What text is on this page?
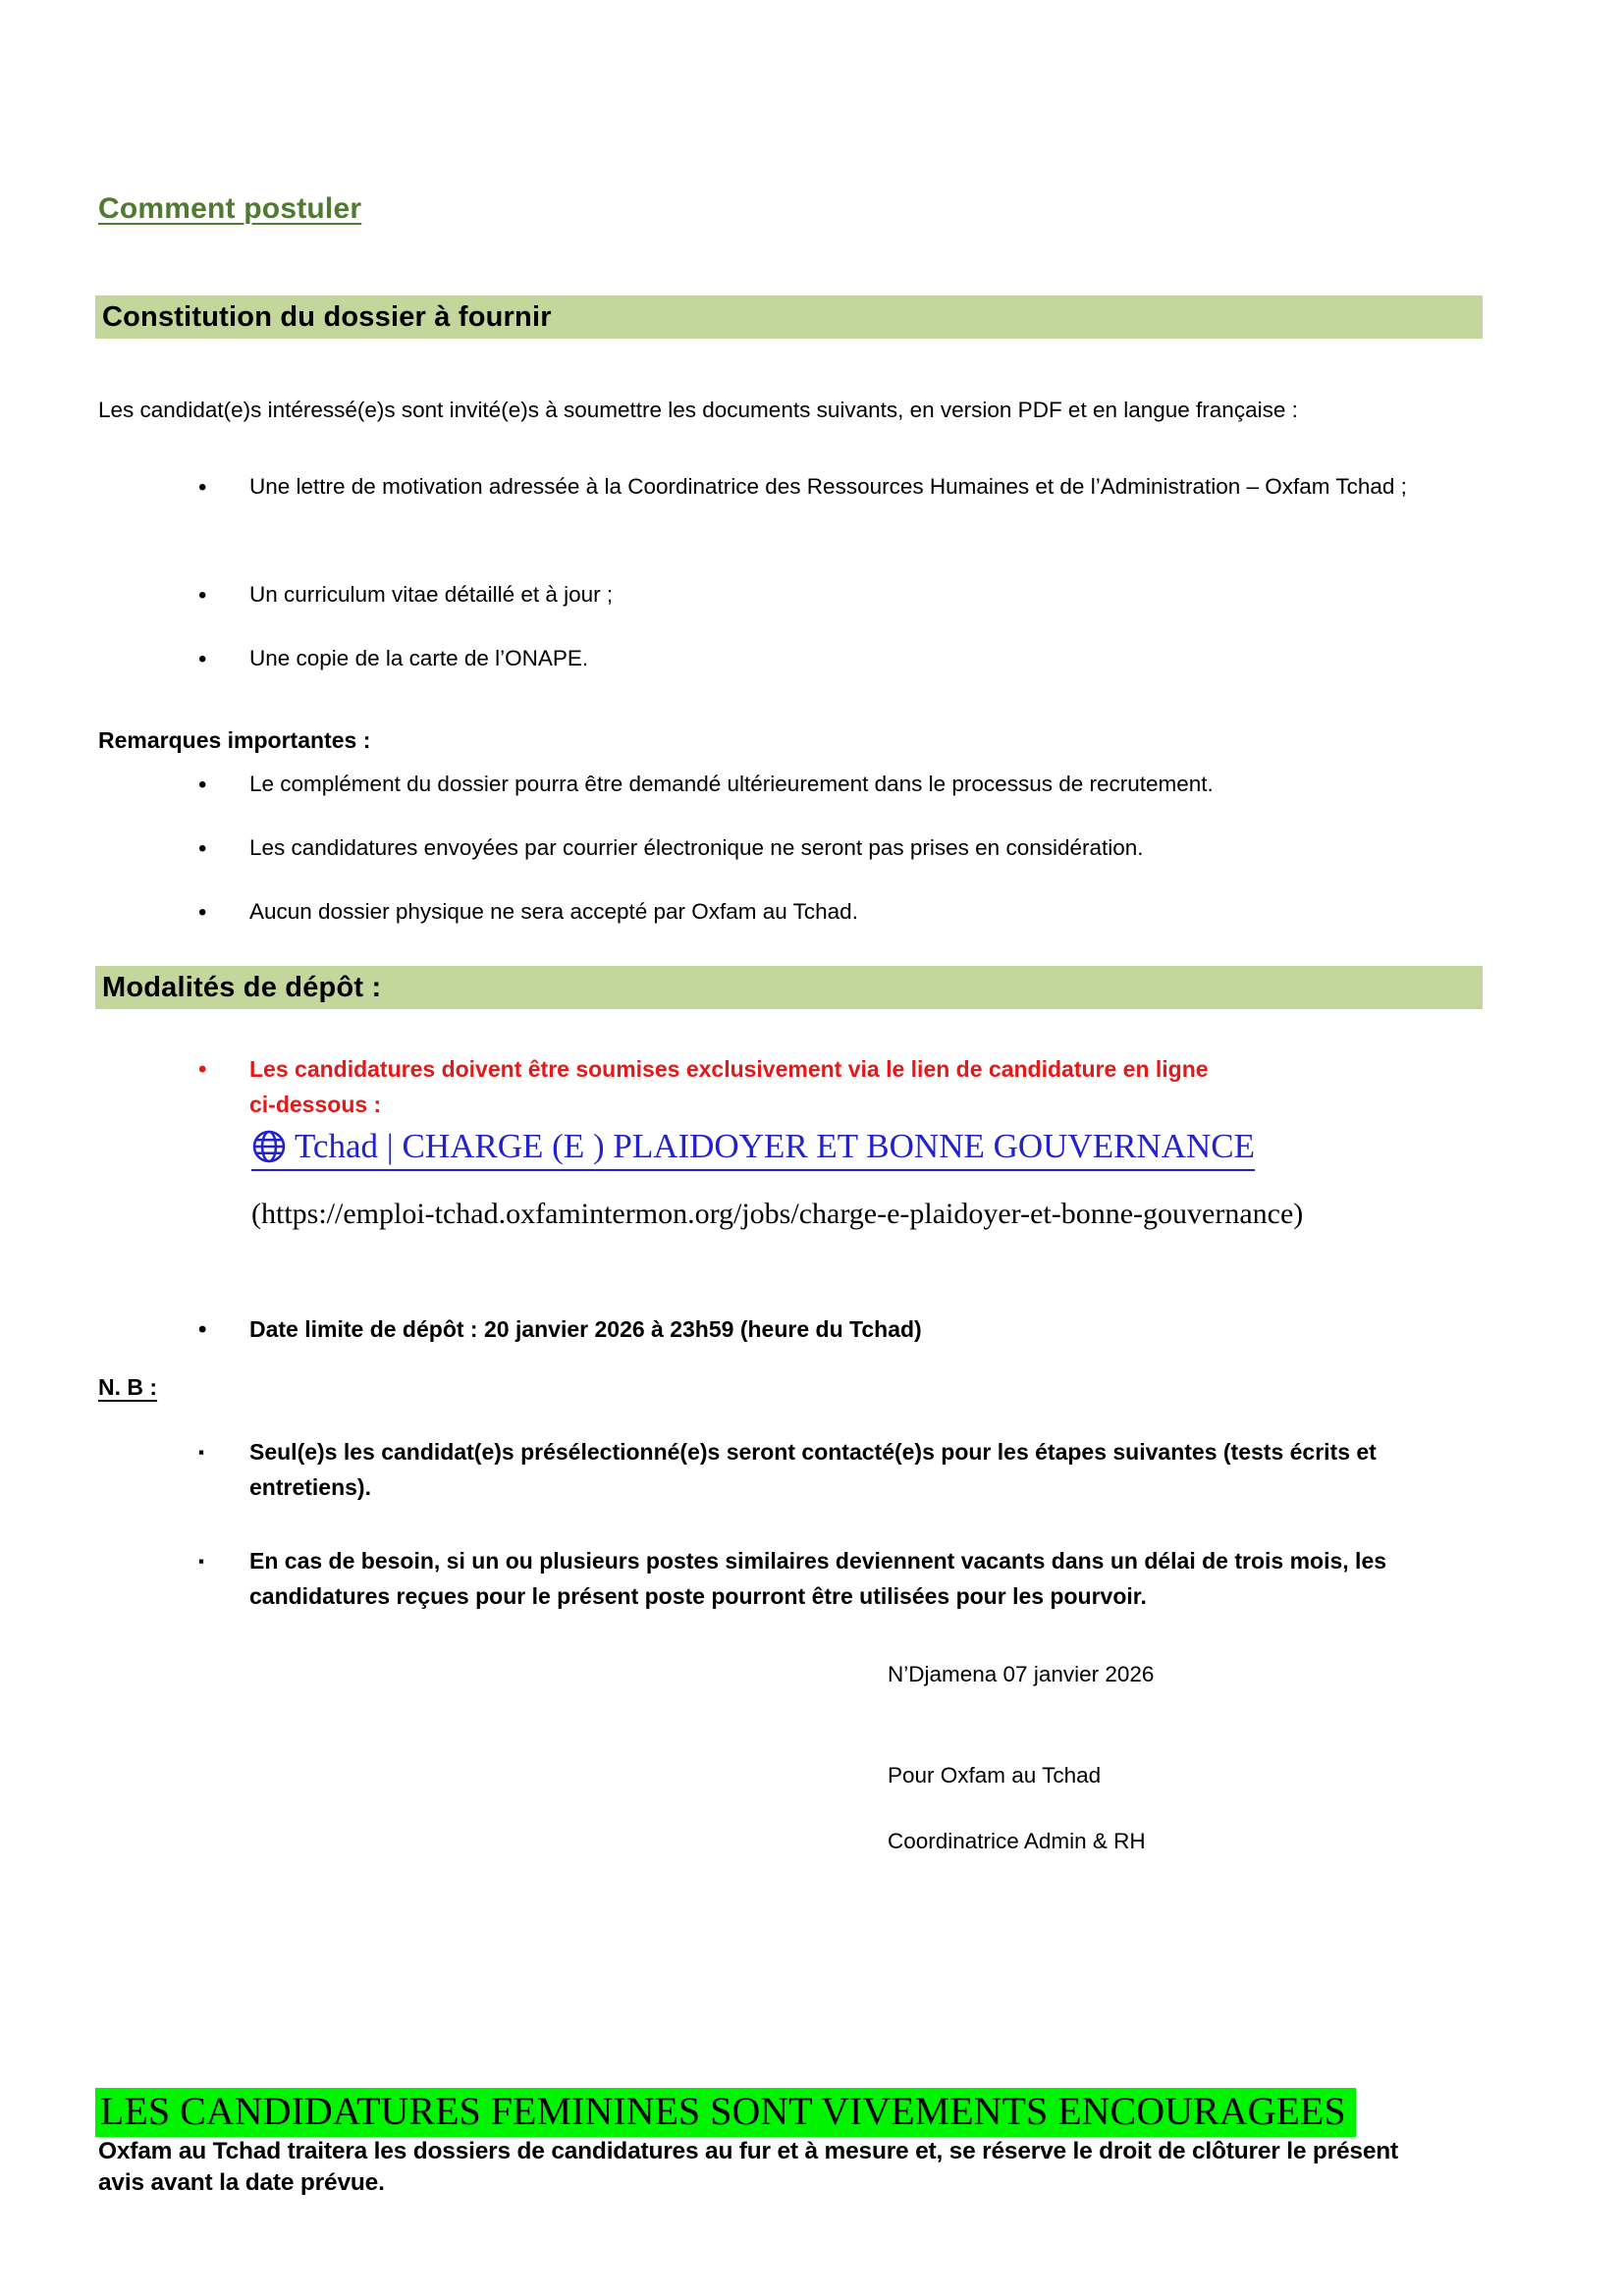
Comment postuler
Constitution du dossier à fournir

Les candidat(e)s intéressé(e)s sont invité(e)s à soumettre les documents suivants, en version PDF et en langue française :

•

Une lettre de motivation adressée à la Coordinatrice des Ressources Humaines et de l’Administration – Oxfam Tchad ;

•

Un curriculum vitae détaillé et à jour ;

•

Une copie de la carte de l’ONAPE.

Remarques importantes :

•

Le complément du dossier pourra être demandé ultérieurement dans le processus de recrutement.

•

Les candidatures envoyées par courrier électronique ne seront pas prises en considération.

•

Aucun dossier physique ne sera accepté par Oxfam au Tchad.

Modalités de dépôt :
•

Les candidatures doivent être soumises exclusivement via le lien de candidature en ligne ci-dessous :

Tchad | CHARGE (E ) PLAIDOYER ET BONNE GOUVERNANCE
(https://emploi-tchad.oxfamintermon.org/jobs/charge-e-plaidoyer-et-bonne-gouvernance)
•

Date limite de dépôt : 20 janvier 2026 à 23h59 (heure du Tchad)

N. B :
▪

Seul(e)s les candidat(e)s présélectionné(e)s seront contacté(e)s pour les étapes suivantes (tests écrits et entretiens).

▪

En cas de besoin, si un ou plusieurs postes similaires deviennent vacants dans un délai de trois mois, les candidatures reçues pour le présent poste pourront être utilisées pour les pourvoir.

N’Djamena 07 janvier 2026
Pour Oxfam au Tchad
Coordinatrice Admin & RH
LES CANDIDATURES FEMININES SONT VIVEMENTS ENCOURAGEES
Oxfam au Tchad traitera les dossiers de candidatures au fur et à mesure et, se réserve le droit de clôturer le présent avis avant la date prévue.
